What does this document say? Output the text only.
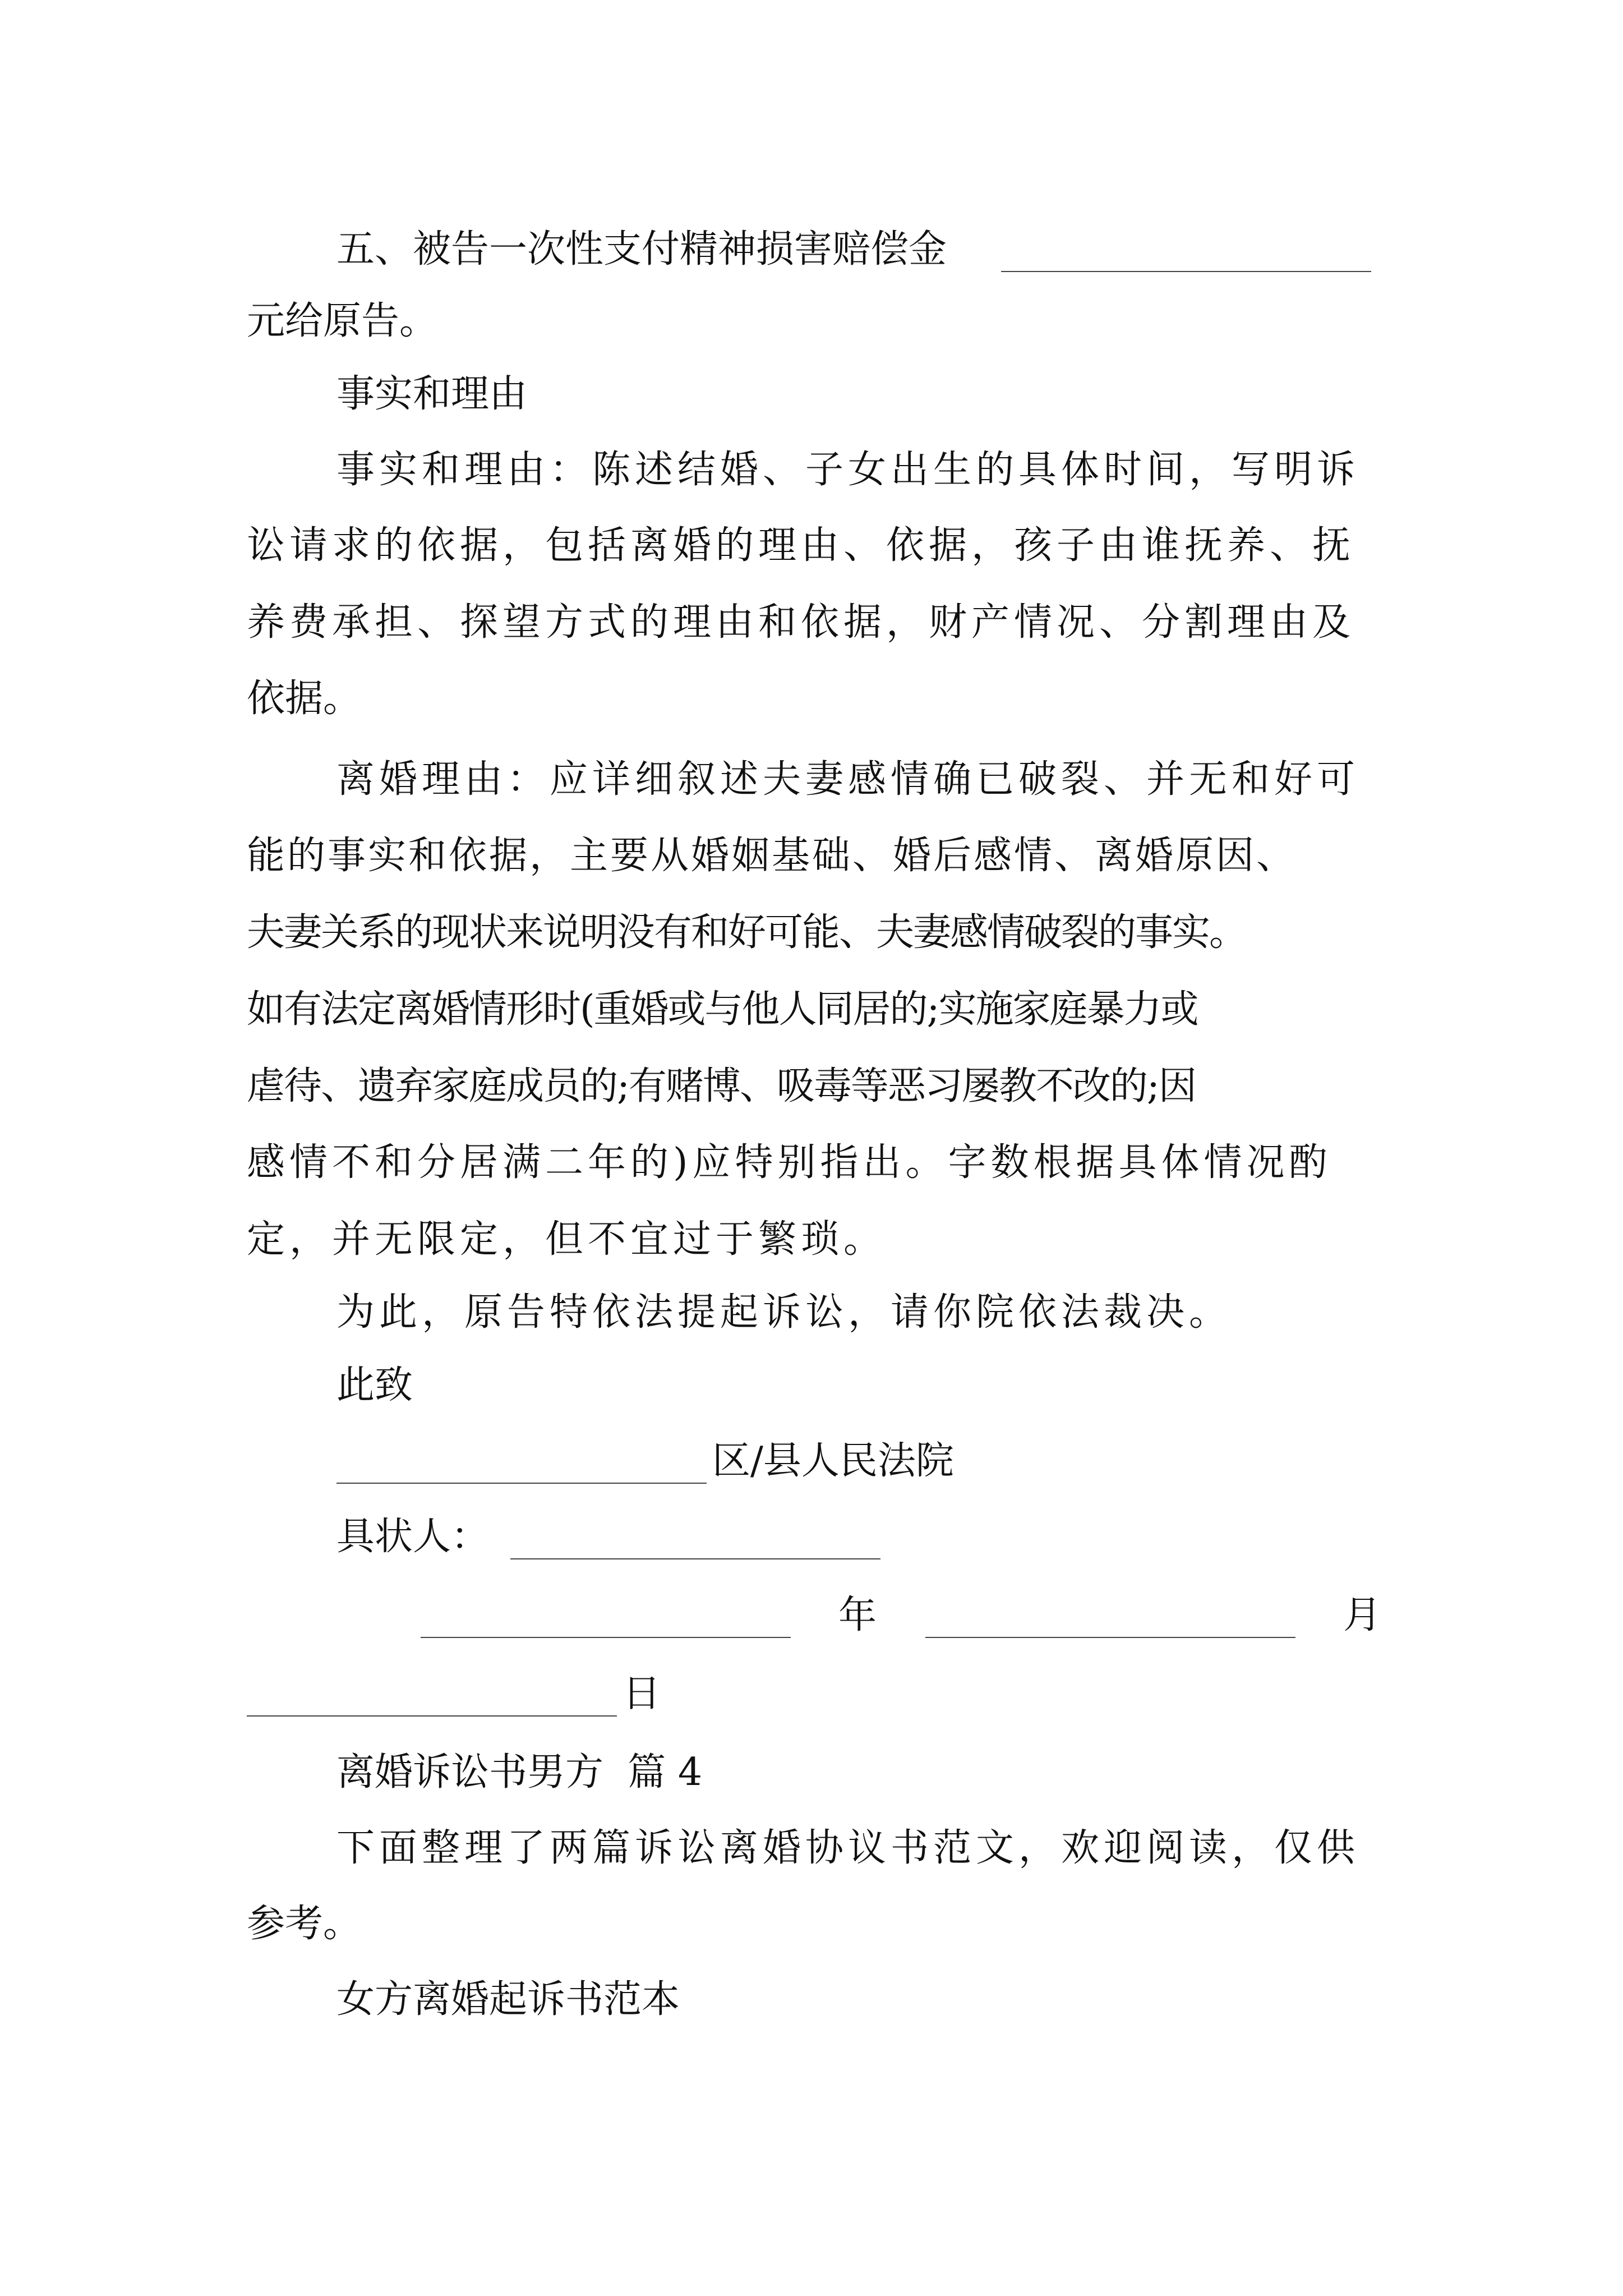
五、被告一次性支付精神损害赔偿金
元给原告。
事实和理由
事实和理由：陈述结婚、子女出生的具体时间，写明诉
讼请求的依据，包括离婚的理由、依据，孩子由谁抚养、抚
养费承担、探望方式的理由和依据，财产情况、分割理由及
依据。
离婚理由：应详细叙述夫妻感情确已破裂、并无和好可
能的事实和依据，主要从婚姻基础、婚后感情、离婚原因、
夫妻关系的现状来说明没有和好可能、夫妻感情破裂的事实。
如有法定离婚情形时(重婚或与他人同居的;实施家庭暴力或
虐待、遗弃家庭成员的;有赌博、吸毒等恶习屡教不改的;因
感情不和分居满二年的)应特别指出。字数根据具体情况酌
定，并无限定，但不宜过于繁琐。
为此，原告特依法提起诉讼，请你院依法裁决。
此致
区/县人民法院
具状人：
年	月
日
离婚诉讼书男方  篇 4
下面整理了两篇诉讼离婚协议书范文，欢迎阅读，仅供
参考。
女方离婚起诉书范本
